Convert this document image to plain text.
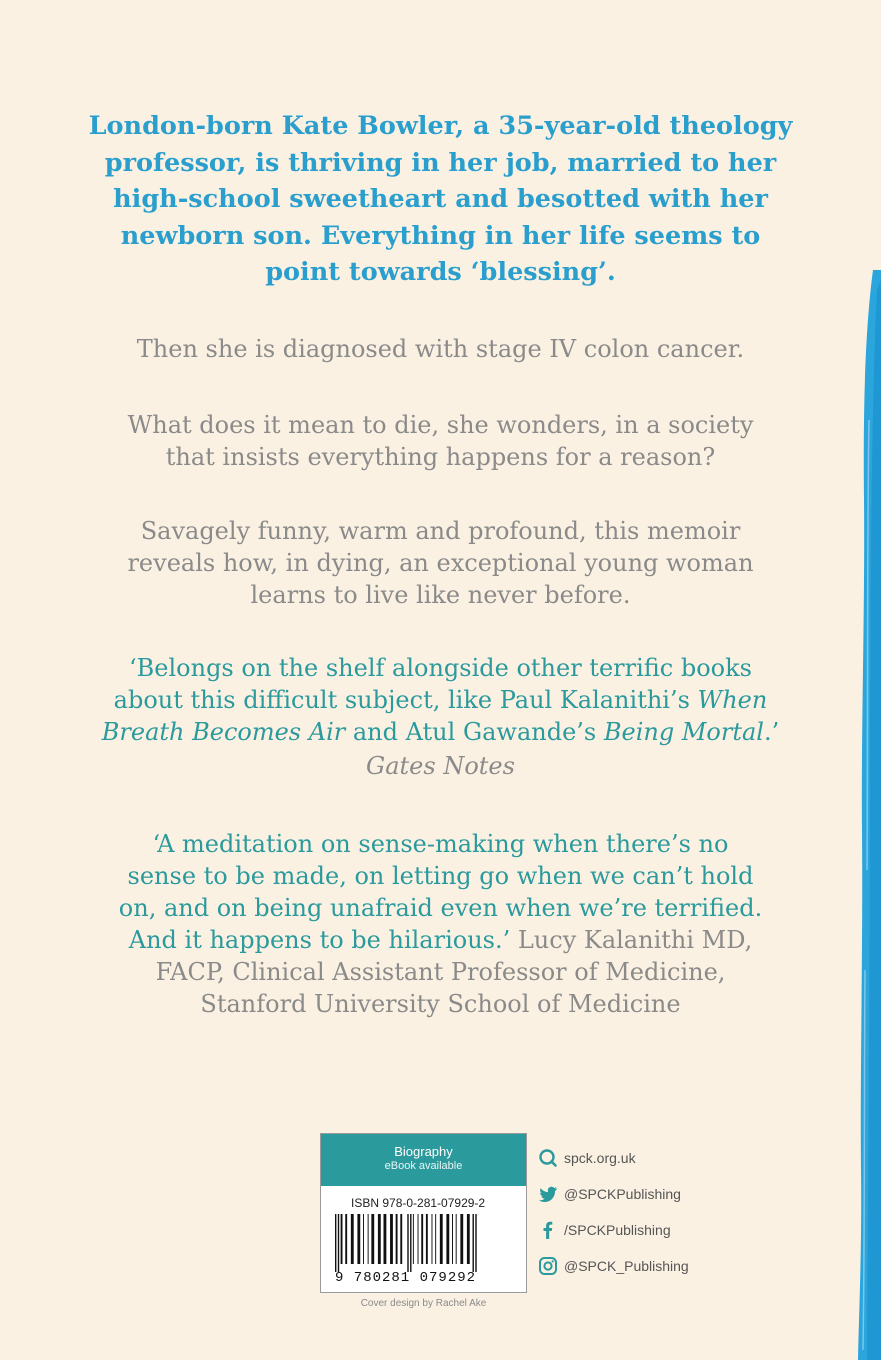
London-born Kate Bowler, a 35-year-old theology
professor, is thriving in her job, married to her
high-school sweetheart and besotted with her
newborn son. Everything in her life seems to
point towards ‘blessing’.
Then she is diagnosed with stage IV colon cancer.
What does it mean to die, she wonders, in a society
that insists everything happens for a reason?
Savagely funny, warm and profound, this memoir
reveals how, in dying, an exceptional young woman
learns to live like never before.
‘Belongs on the shelf alongside other terrific books
about this difficult subject, like Paul Kalanithi’s When
Breath Becomes Air and Atul Gawande’s Being Mortal.’
Gates Notes
‘A meditation on sense-making when there’s no
sense to be made, on letting go when we can’t hold
on, and on being unafraid even when we’re terrified.
And it happens to be hilarious.’ Lucy Kalanithi MD,
FACP, Clinical Assistant Professor of Medicine,
Stanford University School of Medicine
Biography
eBook available
ISBN 978-0-281-07929-2
9 780281 079292
Cover design by Rachel Ake
spck.org.uk
@SPCKPublishing
/SPCKPublishing
@SPCK_Publishing
